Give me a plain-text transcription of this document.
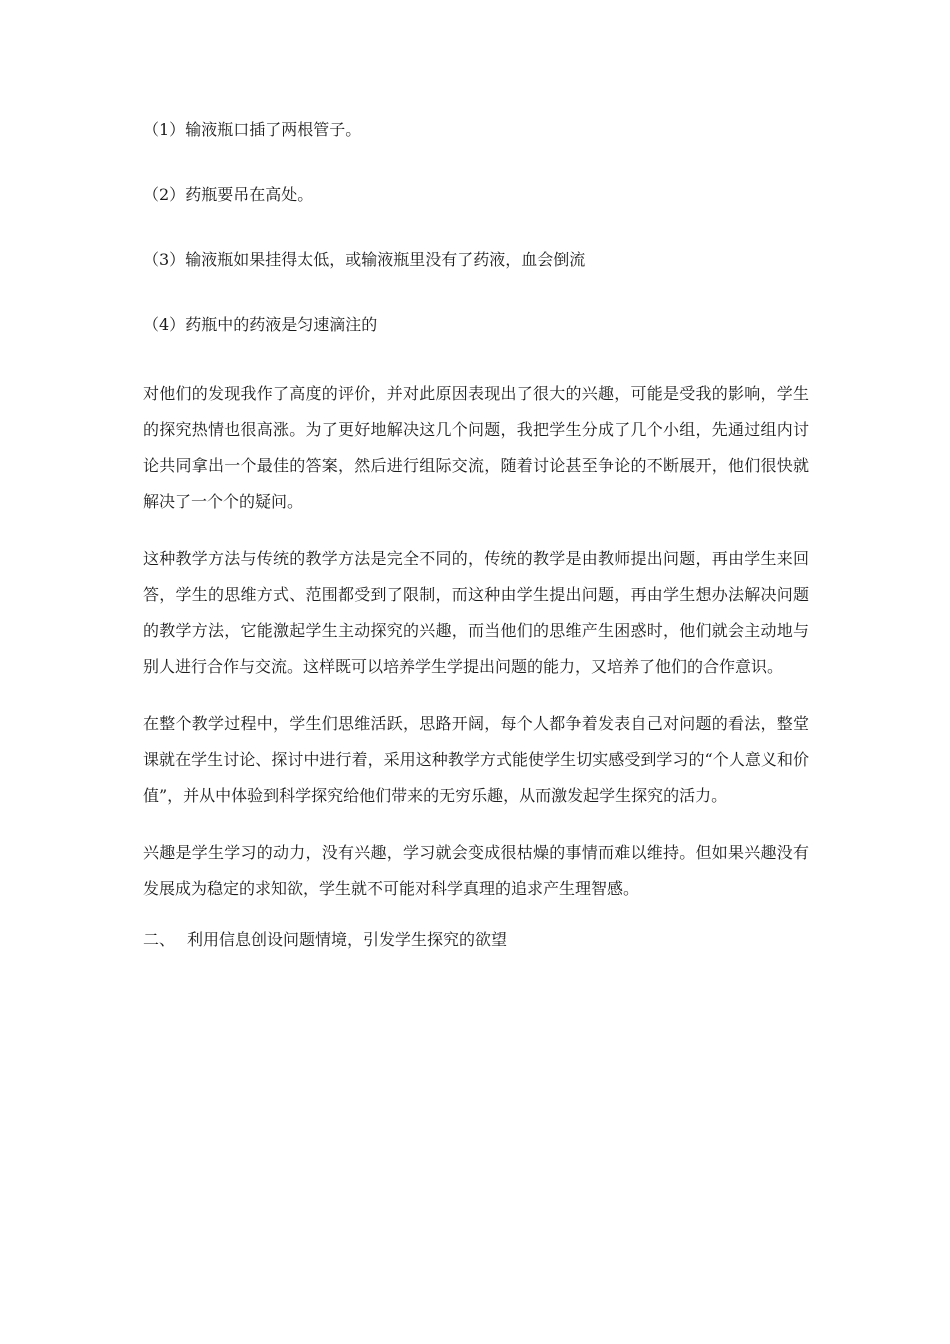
（1）输液瓶口插了两根管子。
（2）药瓶要吊在高处。
（3）输液瓶如果挂得太低，或输液瓶里没有了药液，血会倒流
（4）药瓶中的药液是匀速滴注的

对他们的发现我作了高度的评价，并对此原因表现出了很大的兴趣，可能是受我的影响，学生的探究热情也很高涨。为了更好地解决这几个问题，我把学生分成了几个小组，先通过组内讨论共同拿出一个最佳的答案，然后进行组际交流，随着讨论甚至争论的不断展开，他们很快就解决了一个个的疑问。

这种教学方法与传统的教学方法是完全不同的，传统的教学是由教师提出问题，再由学生来回答，学生的思维方式、范围都受到了限制，而这种由学生提出问题，再由学生想办法解决问题的教学方法，它能激起学生主动探究的兴趣，而当他们的思维产生困惑时，他们就会主动地与别人进行合作与交流。这样既可以培养学生学提出问题的能力，又培养了他们的合作意识。

在整个教学过程中，学生们思维活跃，思路开阔，每个人都争着发表自己对问题的看法，整堂课就在学生讨论、探讨中进行着，采用这种教学方式能使学生切实感受到学习的“个人意义和价值”，并从中体验到科学探究给他们带来的无穷乐趣，从而激发起学生探究的活力。

兴趣是学生学习的动力，没有兴趣，学习就会变成很枯燥的事情而难以维持。但如果兴趣没有发展成为稳定的求知欲，学生就不可能对科学真理的追求产生理智感。

二、 利用信息创设问题情境，引发学生探究的欲望
